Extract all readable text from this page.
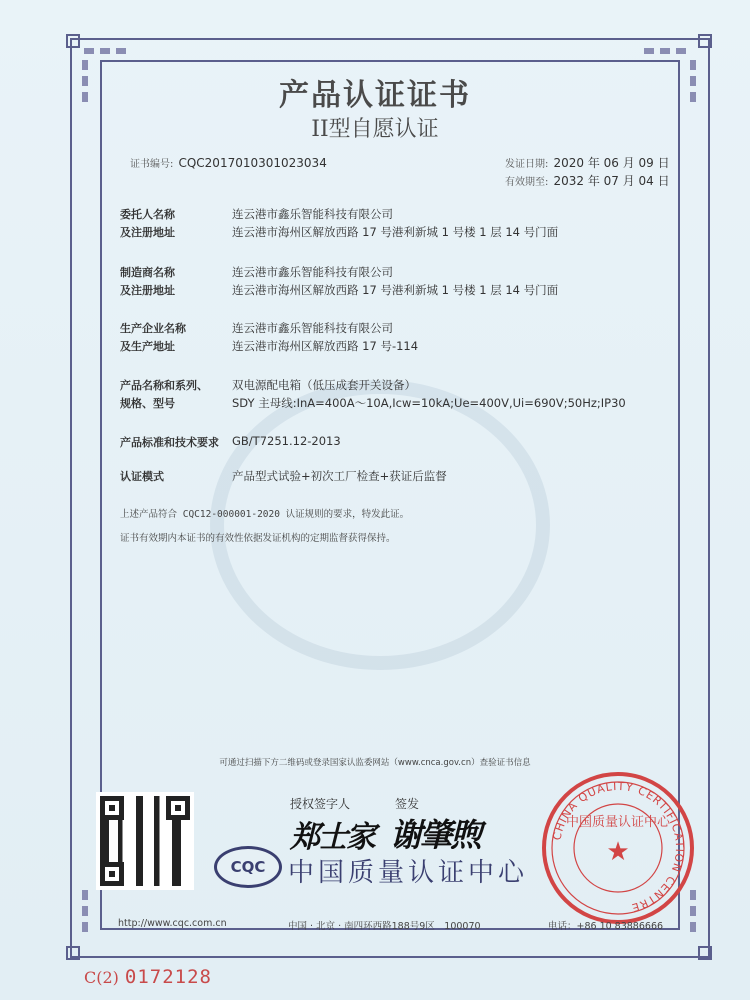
产品认证证书
II型自愿认证
证书编号: CQC2017010301023034	发证日期: 2020 年 06 月 09 日
有效期至: 2032 年 07 月 04 日
委托人名称	连云港市鑫乐智能科技有限公司
及注册地址	连云港市海州区解放西路 17 号港利新城 1 号楼 1 层 14 号门面
制造商名称	连云港市鑫乐智能科技有限公司
及注册地址	连云港市海州区解放西路 17 号港利新城 1 号楼 1 层 14 号门面
生产企业名称	连云港市鑫乐智能科技有限公司
及生产地址	连云港市海州区解放西路 17 号-114
产品名称和系列、	双电源配电箱（低压成套开关设备）
规格、型号	SDY 主母线:InA=400A～10A,Icw=10kA;Ue=400V,Ui=690V;50Hz;IP30
产品标准和技术要求	GB/T7251.12-2013
认证模式	产品型式试验+初次工厂检查+获证后监督
上述产品符合 CQC12-000001-2020 认证规则的要求，特发此证。
证书有效期内本证书的有效性依据发证机构的定期监督获得保持。
可通过扫描下方二维码或登录国家认监委网站（www.cnca.gov.cn）查验证书信息
授权签字人	签发
郑士家 谢肇煦
CQC 中国质量认证中心
CHINA QUALITY CERTIFICATION CENTRE
中国质量认证中心
★
http://www.cqc.com.cn	中国 · 北京 · 南四环西路188号9区　100070	电话：+86 10 83886666
C(2) 0172128
